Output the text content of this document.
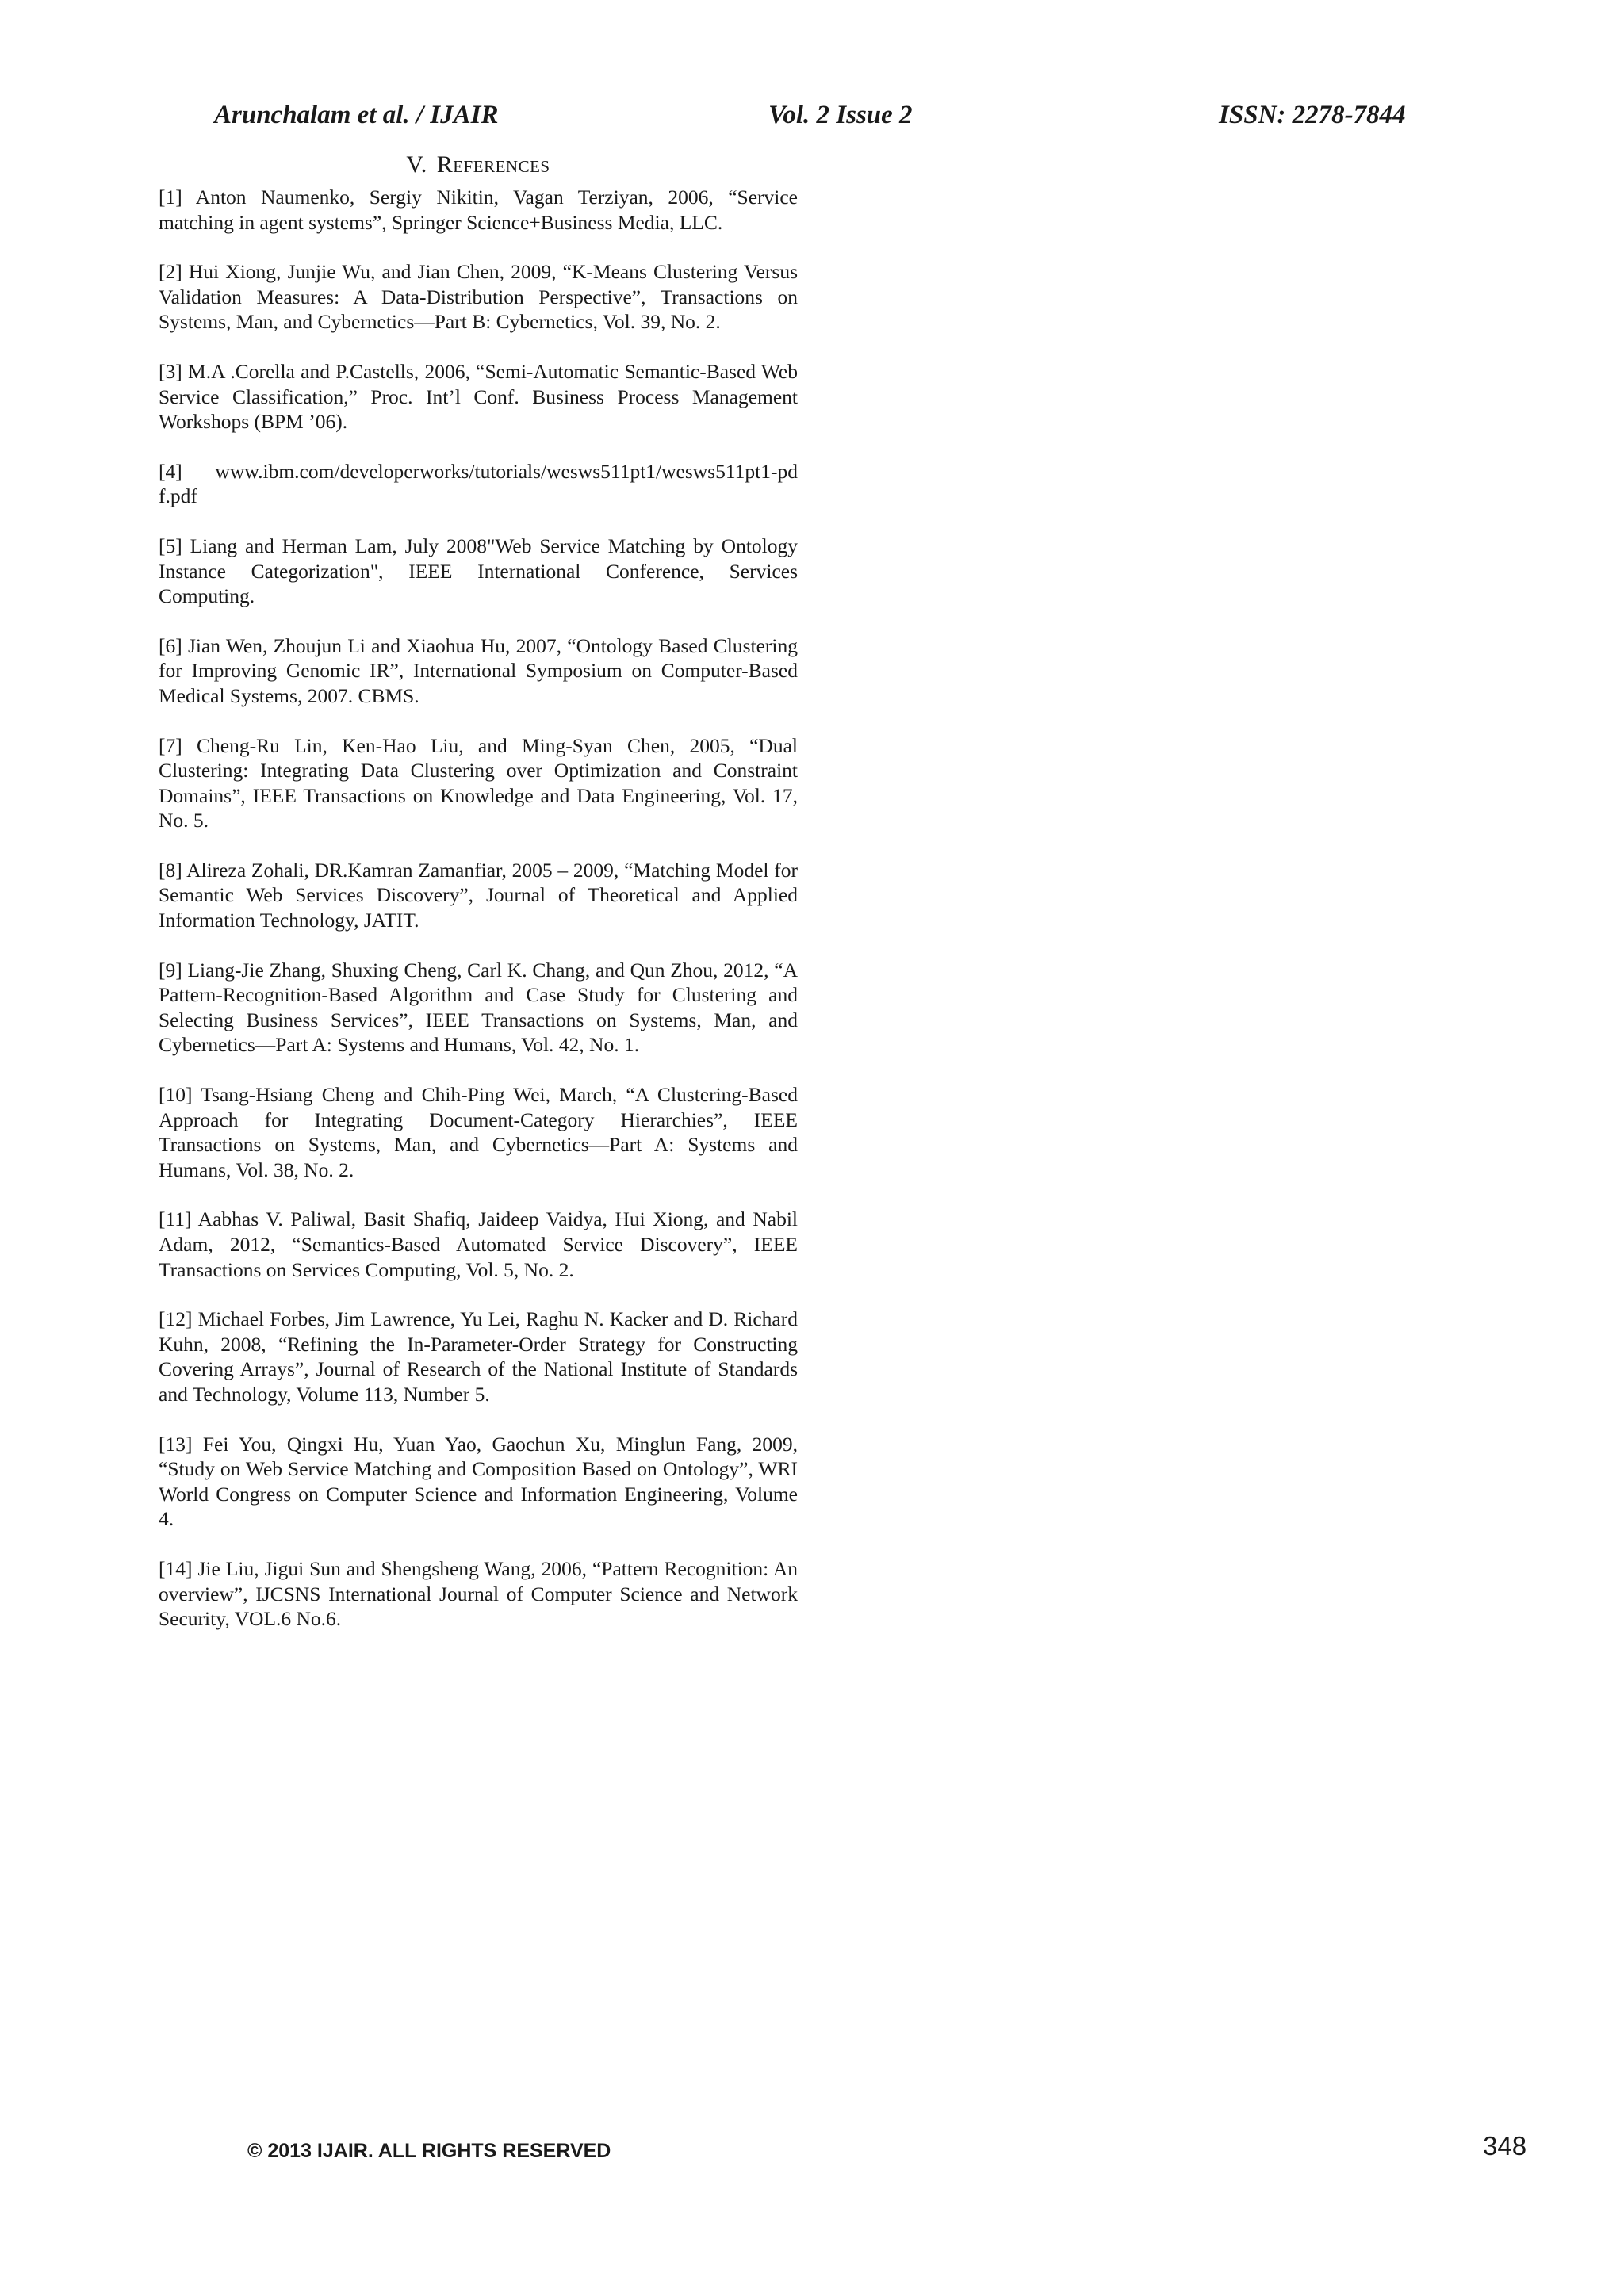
Arunchalam et al. / IJAIR	Vol. 2 Issue 2	ISSN: 2278-7844
V. References
[1] Anton Naumenko, Sergiy Nikitin, Vagan Terziyan, 2006, “Service matching in agent systems”, Springer Science+Business Media, LLC.
[2] Hui Xiong, Junjie Wu, and Jian Chen, 2009, “K-Means Clustering Versus Validation Measures: A Data-Distribution Perspective”, Transactions on Systems, Man, and Cybernetics—Part B: Cybernetics, Vol. 39, No. 2.
[3] M.A .Corella and P.Castells, 2006, “Semi-Automatic Semantic-Based Web Service Classification,” Proc. Int’l Conf. Business Process Management Workshops (BPM ’06).
[4] www.ibm.com/developerworks/tutorials/wesws511pt1/wesws511pt1-pdf.pdf
[5] Liang and Herman Lam, July 2008"Web Service Matching by Ontology Instance Categorization", IEEE International Conference, Services Computing.
[6] Jian Wen, Zhoujun Li and Xiaohua Hu, 2007, “Ontology Based Clustering for Improving Genomic IR”, International Symposium on Computer-Based Medical Systems, 2007. CBMS.
[7] Cheng-Ru Lin, Ken-Hao Liu, and Ming-Syan Chen, 2005, “Dual Clustering: Integrating Data Clustering over Optimization and Constraint Domains”, IEEE Transactions on Knowledge and Data Engineering, Vol. 17, No. 5.
[8] Alireza Zohali, DR.Kamran Zamanfiar, 2005 – 2009, “Matching Model for Semantic Web Services Discovery”, Journal of Theoretical and Applied Information Technology, JATIT.
[9] Liang-Jie Zhang, Shuxing Cheng, Carl K. Chang, and Qun Zhou, 2012, “A Pattern-Recognition-Based Algorithm and Case Study for Clustering and Selecting Business Services”, IEEE Transactions on Systems, Man, and Cybernetics—Part A: Systems and Humans, Vol. 42, No. 1.
[10] Tsang-Hsiang Cheng and Chih-Ping Wei, March, “A Clustering-Based Approach for Integrating Document-Category Hierarchies”, IEEE Transactions on Systems, Man, and Cybernetics—Part A: Systems and Humans, Vol. 38, No. 2.
[11] Aabhas V. Paliwal, Basit Shafiq, Jaideep Vaidya, Hui Xiong, and Nabil Adam, 2012, “Semantics-Based Automated Service Discovery”, IEEE Transactions on Services Computing, Vol. 5, No. 2.
[12] Michael Forbes, Jim Lawrence, Yu Lei, Raghu N. Kacker and D. Richard Kuhn, 2008, “Refining the In-Parameter-Order Strategy for Constructing Covering Arrays”, Journal of Research of the National Institute of Standards and Technology, Volume 113, Number 5.
[13] Fei You, Qingxi Hu, Yuan Yao, Gaochun Xu, Minglun Fang, 2009, “Study on Web Service Matching and Composition Based on Ontology”, WRI World Congress on Computer Science and Information Engineering, Volume 4.
[14] Jie Liu, Jigui Sun and Shengsheng Wang, 2006, “Pattern Recognition: An overview”, IJCSNS International Journal of Computer Science and Network Security, VOL.6 No.6.
© 2013 IJAIR. ALL RIGHTS RESERVED	348
